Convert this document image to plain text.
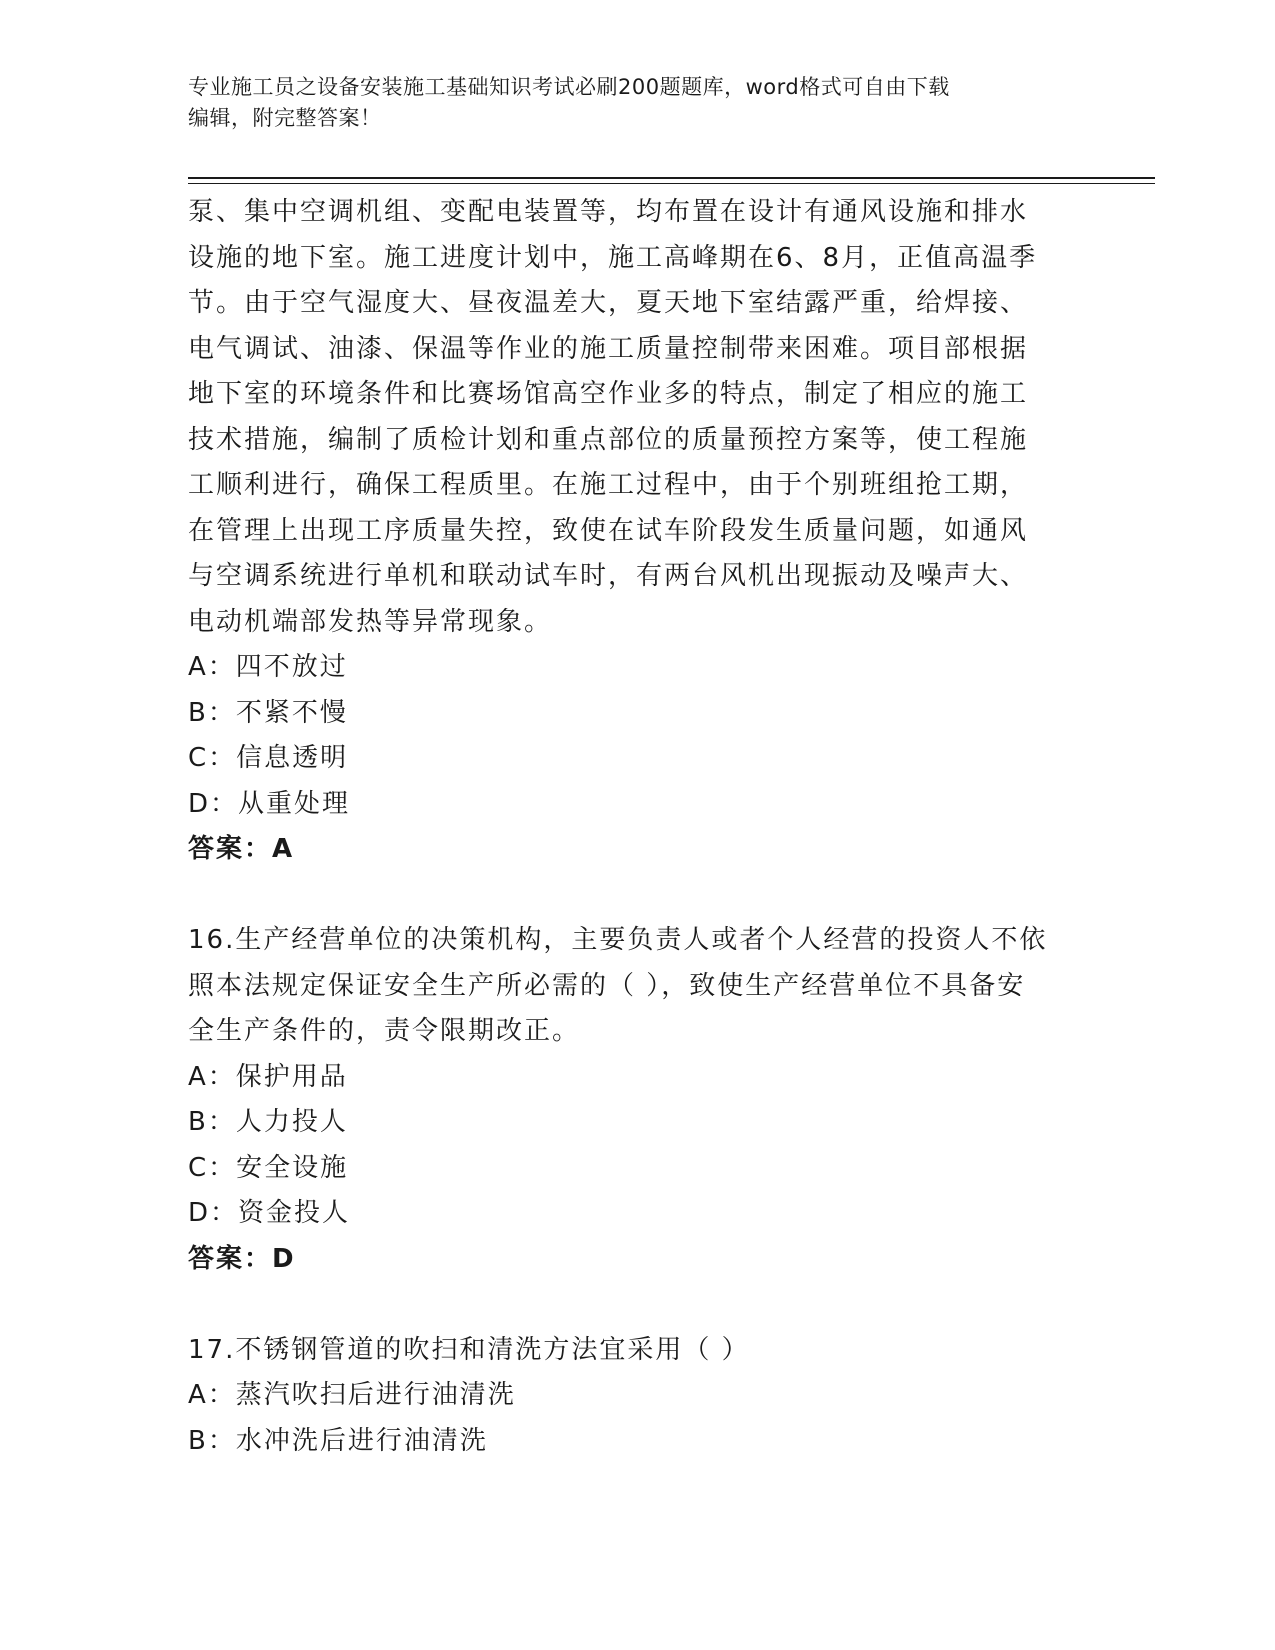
专业施工员之设备安装施工基础知识考试必刷200题题库，word格式可自由下载
编辑，附完整答案！
泵、集中空调机组、变配电装置等，均布置在设计有通风设施和排水
设施的地下室。施工进度计划中，施工高峰期在6、8月，正值高温季
节。由于空气湿度大、昼夜温差大，夏天地下室结露严重，给焊接、
电气调试、油漆、保温等作业的施工质量控制带来困难。项目部根据
地下室的环境条件和比赛场馆高空作业多的特点，制定了相应的施工
技术措施，编制了质检计划和重点部位的质量预控方案等，使工程施
工顺利进行，确保工程质里。在施工过程中，由于个别班组抢工期，
在管理上出现工序质量失控，致使在试车阶段发生质量问题，如通风
与空调系统进行单机和联动试车时，有两台风机出现振动及噪声大、
电动机端部发热等异常现象。
A：四不放过
B：不紧不慢
C：信息透明
D：从重处理
答案：A
16.生产经营单位的决策机构，主要负责人或者个人经营的投资人不依
照本法规定保证安全生产所必需的（ ），致使生产经营单位不具备安
全生产条件的，责令限期改正。
A：保护用品
B：人力投人
C：安全设施
D：资金投人
答案：D
17.不锈钢管道的吹扫和清洗方法宜采用（ ）
A：蒸汽吹扫后进行油清洗
B：水冲洗后进行油清洗
